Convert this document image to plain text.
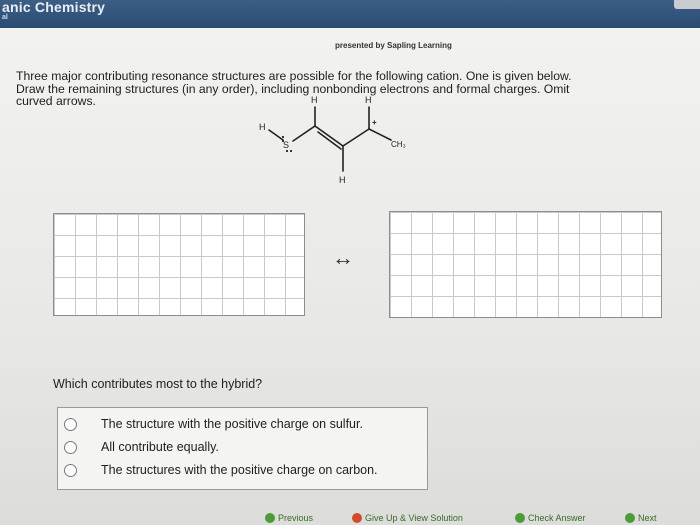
anic Chemistry
al
presented by Sapling Learning
Three major contributing resonance structures are possible for the following cation. One is given below.
Draw the remaining structures (in any order), including nonbonding electrons and formal charges. Omit
curved arrows.	H	H
H
S	CH₃
H
+
↔
Which contributes most to the hybrid?
The structure with the positive charge on sulfur.
All contribute equally.
The structures with the positive charge on carbon.
Previous	Give Up & View Solution	Check Answer	Next
